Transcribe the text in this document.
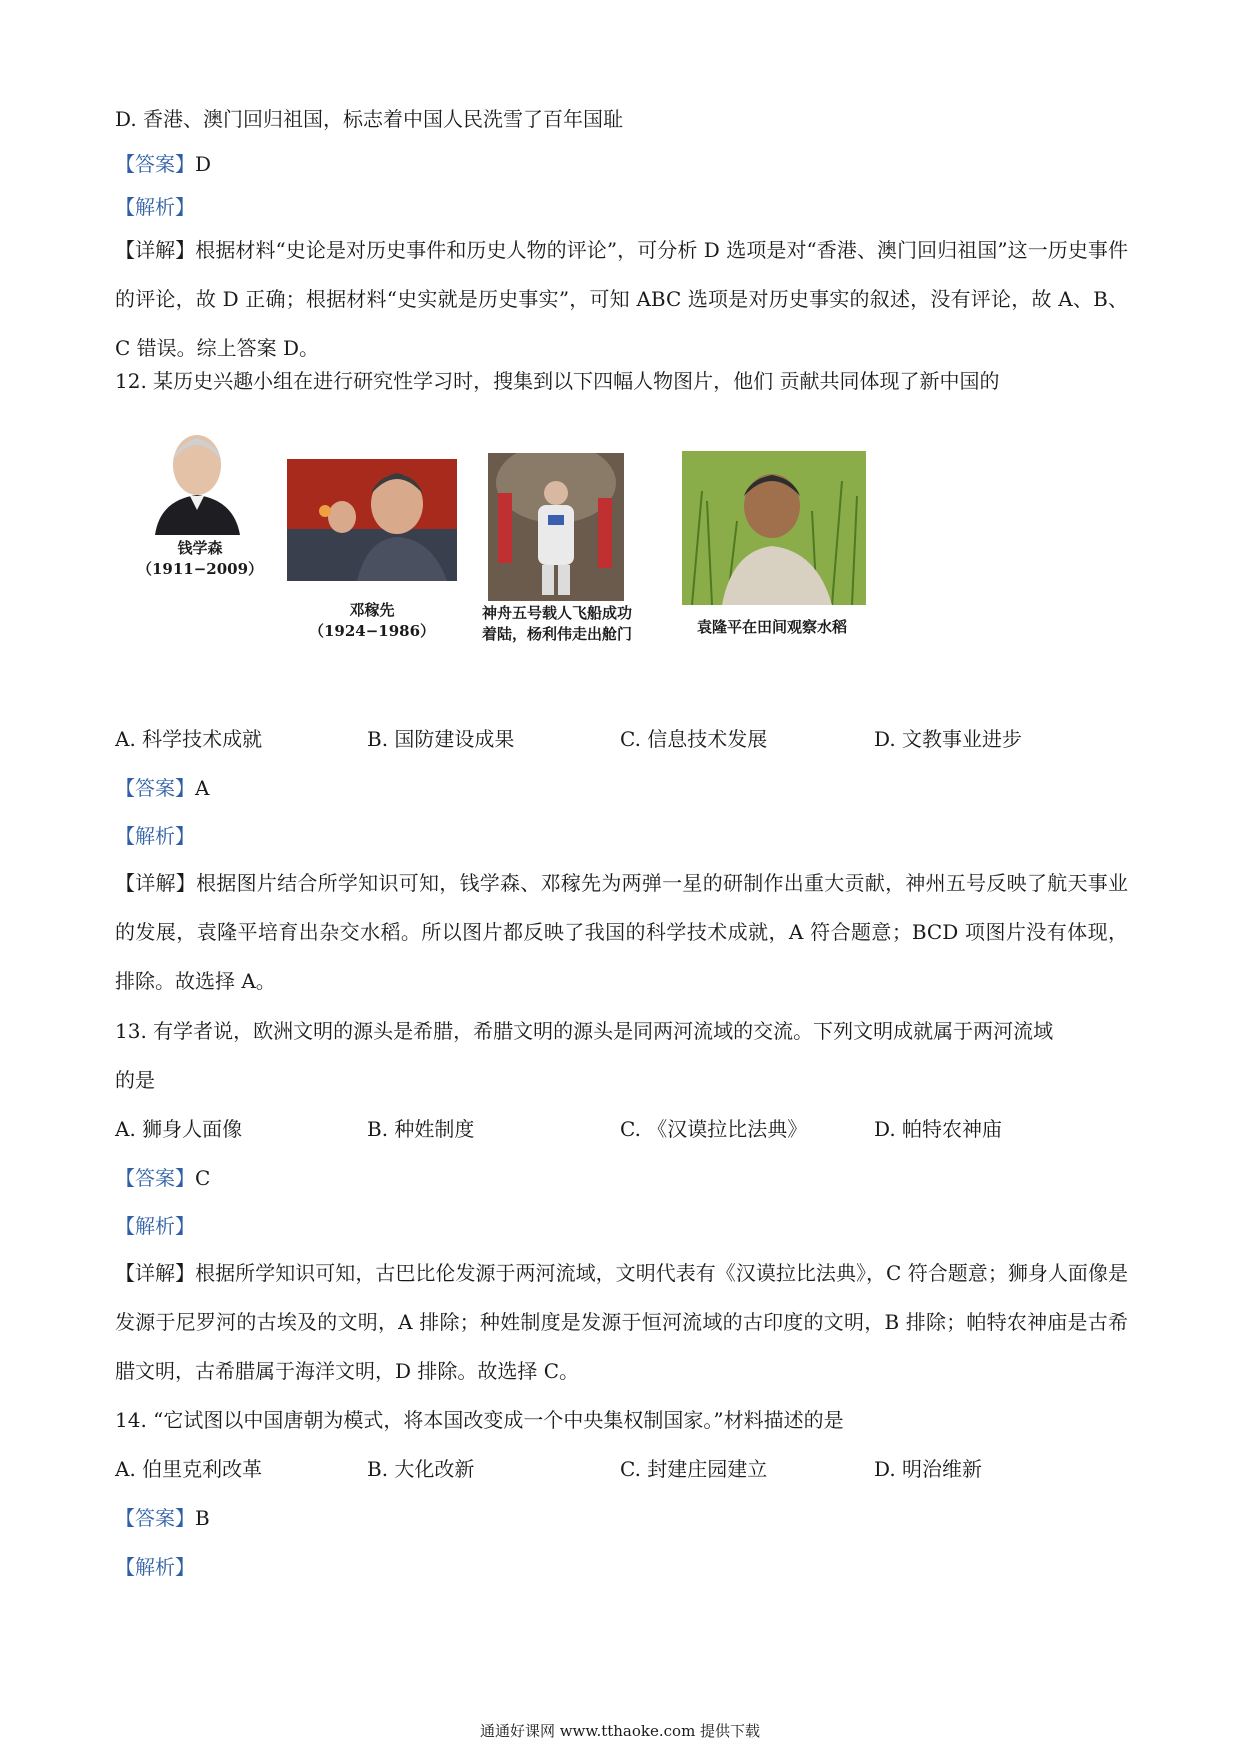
D. 香港、澳门回归祖国，标志着中国人民洗雪了百年国耻
【答案】D
【解析】
【详解】根据材料“史论是对历史事件和历史人物的评论”，可分析 D 选项是对“香港、澳门回归祖国”这一历史事件的评论，故 D 正确；根据材料“史实就是历史事实”，可知 ABC 选项是对历史事实的叙述，没有评论，故 A、B、C 错误。综上答案 D。
12. 某历史兴趣小组在进行研究性学习时，搜集到以下四幅人物图片，他们 贡献共同体现了新中国的
钱学森
（1911−2009）
邓稼先
（1924−1986）
神舟五号载人飞船成功
着陆，杨利伟走出舱门	袁隆平在田间观察水稻
A. 科学技术成就	B. 国防建设成果	C. 信息技术发展	D. 文教事业进步
【答案】A
【解析】
【详解】根据图片结合所学知识可知，钱学森、邓稼先为两弹一星的研制作出重大贡献，神州五号反映了航天事业的发展，袁隆平培育出杂交水稻。所以图片都反映了我国的科学技术成就，A 符合题意；BCD 项图片没有体现，排除。故选择 A。
13. 有学者说，欧洲文明的源头是希腊，希腊文明的源头是同两河流域的交流。下列文明成就属于两河流域
的是
A. 狮身人面像	B. 种姓制度	C. 《汉谟拉比法典》	D. 帕特农神庙
【答案】C
【解析】
【详解】根据所学知识可知，古巴比伦发源于两河流域，文明代表有《汉谟拉比法典》，C 符合题意；狮身人面像是发源于尼罗河的古埃及的文明，A 排除；种姓制度是发源于恒河流域的古印度的文明，B 排除；帕特农神庙是古希腊文明，古希腊属于海洋文明，D 排除。故选择 C。
14. “它试图以中国唐朝为模式，将本国改变成一个中央集权制国家。”材料描述的是
A. 伯里克利改革	B. 大化改新	C. 封建庄园建立	D. 明治维新
【答案】B
【解析】
通通好课网 www.tthaoke.com 提供下载
